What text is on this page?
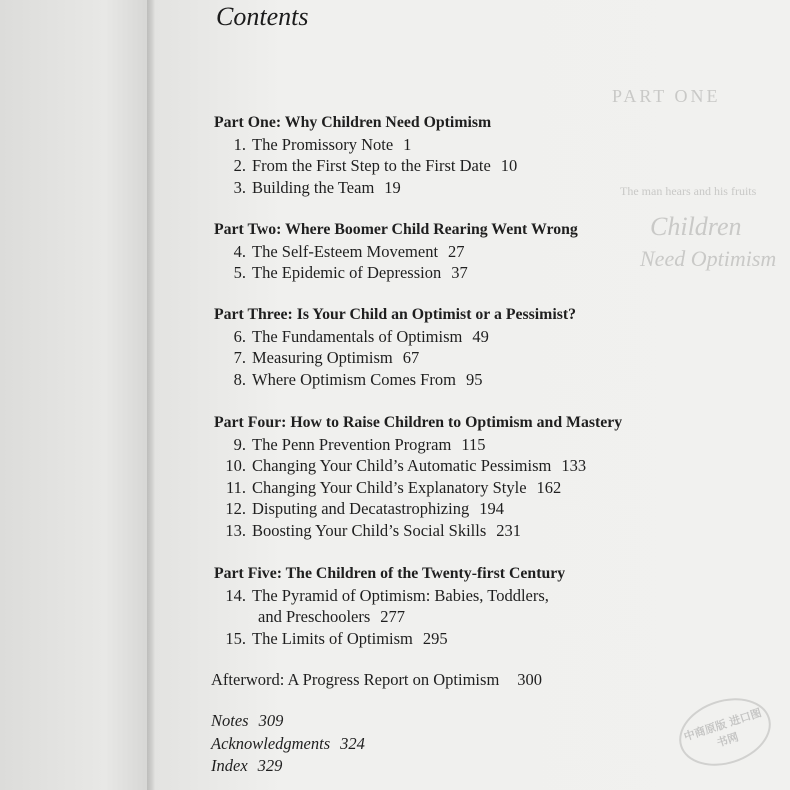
PART ONE
The man hears and his fruits
Children
Need Optimism
Contents
Part One: Why Children Need Optimism
1. The Promissory Note 1
2. From the First Step to the First Date 10
3. Building the Team 19
Part Two: Where Boomer Child Rearing Went Wrong
4. The Self-Esteem Movement 27
5. The Epidemic of Depression 37
Part Three: Is Your Child an Optimist or a Pessimist?
6. The Fundamentals of Optimism 49
7. Measuring Optimism 67
8. Where Optimism Comes From 95
Part Four: How to Raise Children to Optimism and Mastery
9. The Penn Prevention Program 115
10. Changing Your Child’s Automatic Pessimism 133
11. Changing Your Child’s Explanatory Style 162
12. Disputing and Decatastrophizing 194
13. Boosting Your Child’s Social Skills 231
Part Five: The Children of the Twenty-first Century
14. The Pyramid of Optimism: Babies, Toddlers,
and Preschoolers 277
15. The Limits of Optimism 295
Afterword: A Progress Report on Optimism 300
Notes 309
Acknowledgments 324
Index 329
中商原版 进口图书网
